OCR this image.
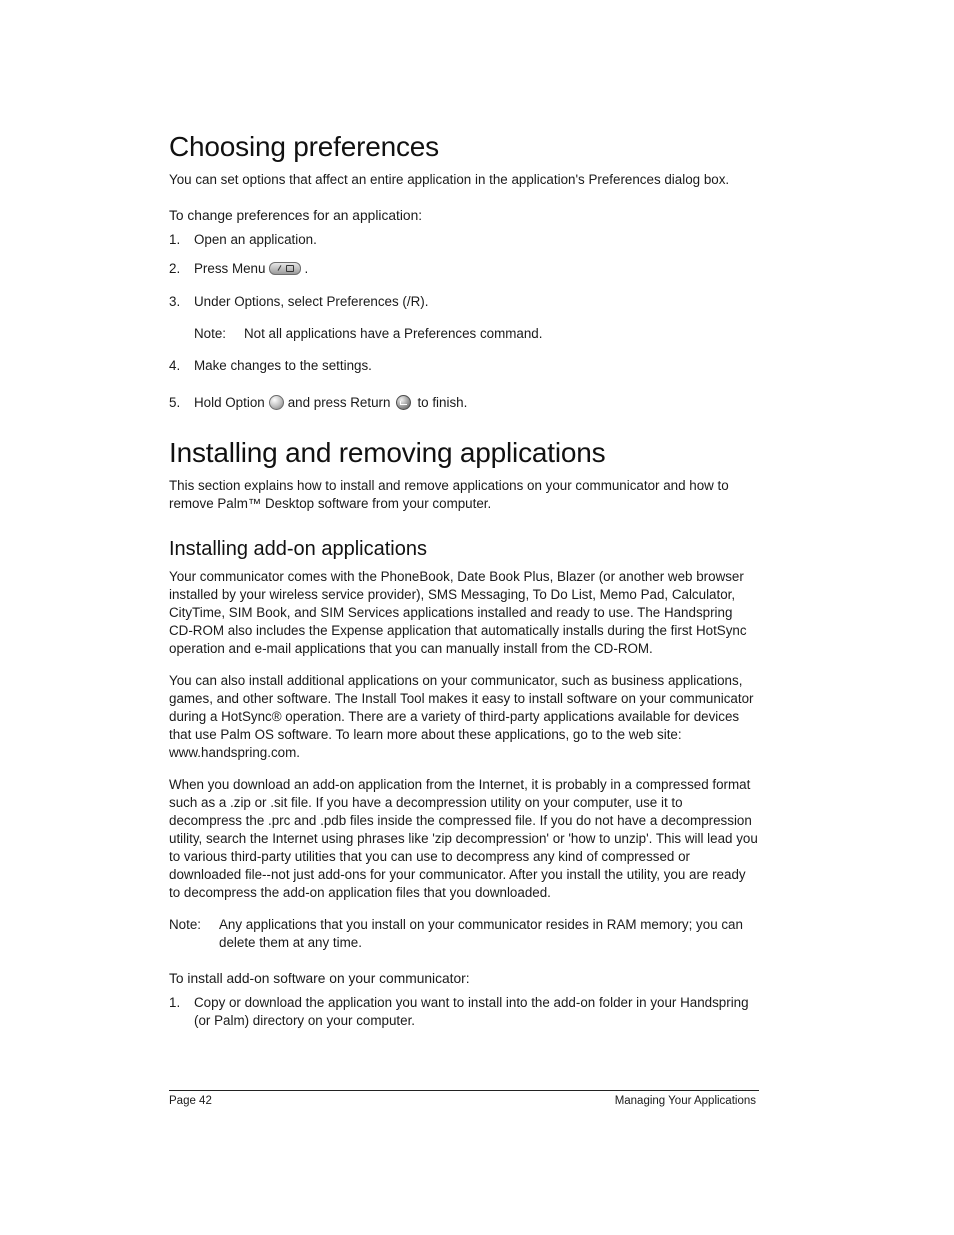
Choosing preferences

You can set options that affect an entire application in the application's Preferences dialog box.

To change preferences for an application:

1. Open an application.
2. Press Menu	.
3. Under Options, select Preferences (/R).
Note: Not all applications have a Preferences command.
4. Make changes to the settings.
5. Hold Option and press Return to finish.
Installing and removing applications

This section explains how to install and remove applications on your communicator and how to remove Palm™ Desktop software from your computer.

Installing add-on applications

Your communicator comes with the PhoneBook, Date Book Plus, Blazer (or another web browser installed by your wireless service provider), SMS Messaging, To Do List, Memo Pad, Calculator, CityTime, SIM Book, and SIM Services applications installed and ready to use. The Handspring CD-ROM also includes the Expense application that automatically installs during the first HotSync operation and e-mail applications that you can manually install from the CD-ROM.

You can also install additional applications on your communicator, such as business applications, games, and other software. The Install Tool makes it easy to install software on your communicator during a HotSync® operation. There are a variety of third-party applications available for devices that use Palm OS software. To learn more about these applications, go to the web site: www.handspring.com.

When you download an add-on application from the Internet, it is probably in a compressed format such as a .zip or .sit file. If you have a decompression utility on your computer, use it to decompress the .prc and .pdb files inside the compressed file. If you do not have a decompression utility, search the Internet using phrases like 'zip decompression' or 'how to unzip'. This will lead you to various third-party utilities that you can use to decompress any kind of compressed or downloaded file--not just add-ons for your communicator. After you install the utility, you are ready to decompress the add-on application files that you downloaded.

Note: Any applications that you install on your communicator resides in RAM memory; you can delete them at any time.

To install add-on software on your communicator:

1. Copy or download the application you want to install into the add-on folder in your Handspring (or Palm) directory on your computer.
Page 42	Managing Your Applications
